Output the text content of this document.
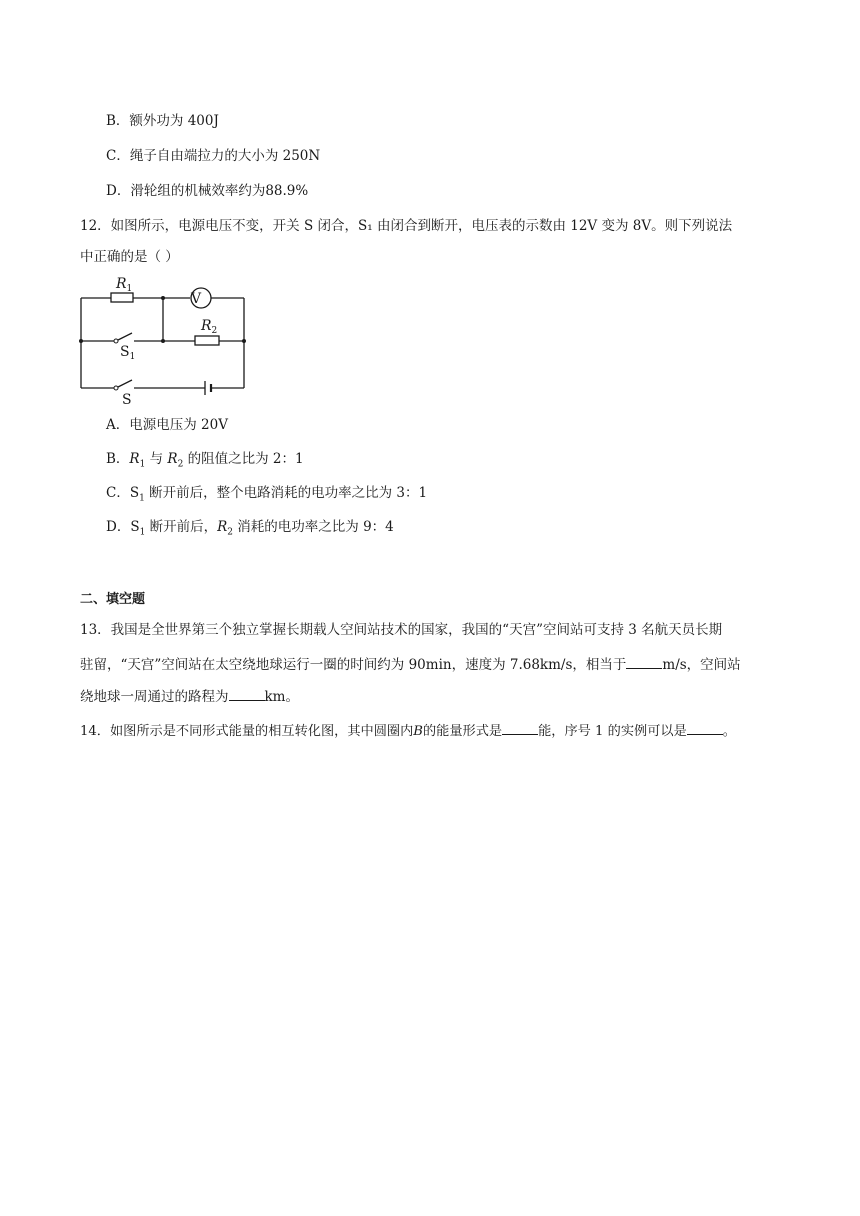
B．额外功为 400J
C．绳子自由端拉力的大小为 250N
D．滑轮组的机械效率约为88.9%
12．如图所示，电源电压不变，开关 S 闭合，S₁ 由闭合到断开，电压表的示数由 12V 变为 8V。则下列说法
中正确的是（ ）
$R_1$
V
$R_2$
$S_1$
S
A．电源电压为 20V
B．$R_1$ 与 $R_2$ 的阻值之比为 2：1
C．$S_1$ 断开前后，整个电路消耗的电功率之比为 3：1
D．$S_1$ 断开前后，$R_2$ 消耗的电功率之比为 9：4
二、填空题
13．我国是全世界第三个独立掌握长期载人空间站技术的国家，我国的“天宫”空间站可支持 3 名航天员长期
驻留，“天宫”空间站在太空绕地球运行一圈的时间约为 90min，速度为 7.68km/s，相当于	m/s，空间站
绕地球一周通过的路程为	km。
14．如图所示是不同形式能量的相互转化图，其中圆圈内B的能量形式是	能，序号 1 的实例可以是	。
